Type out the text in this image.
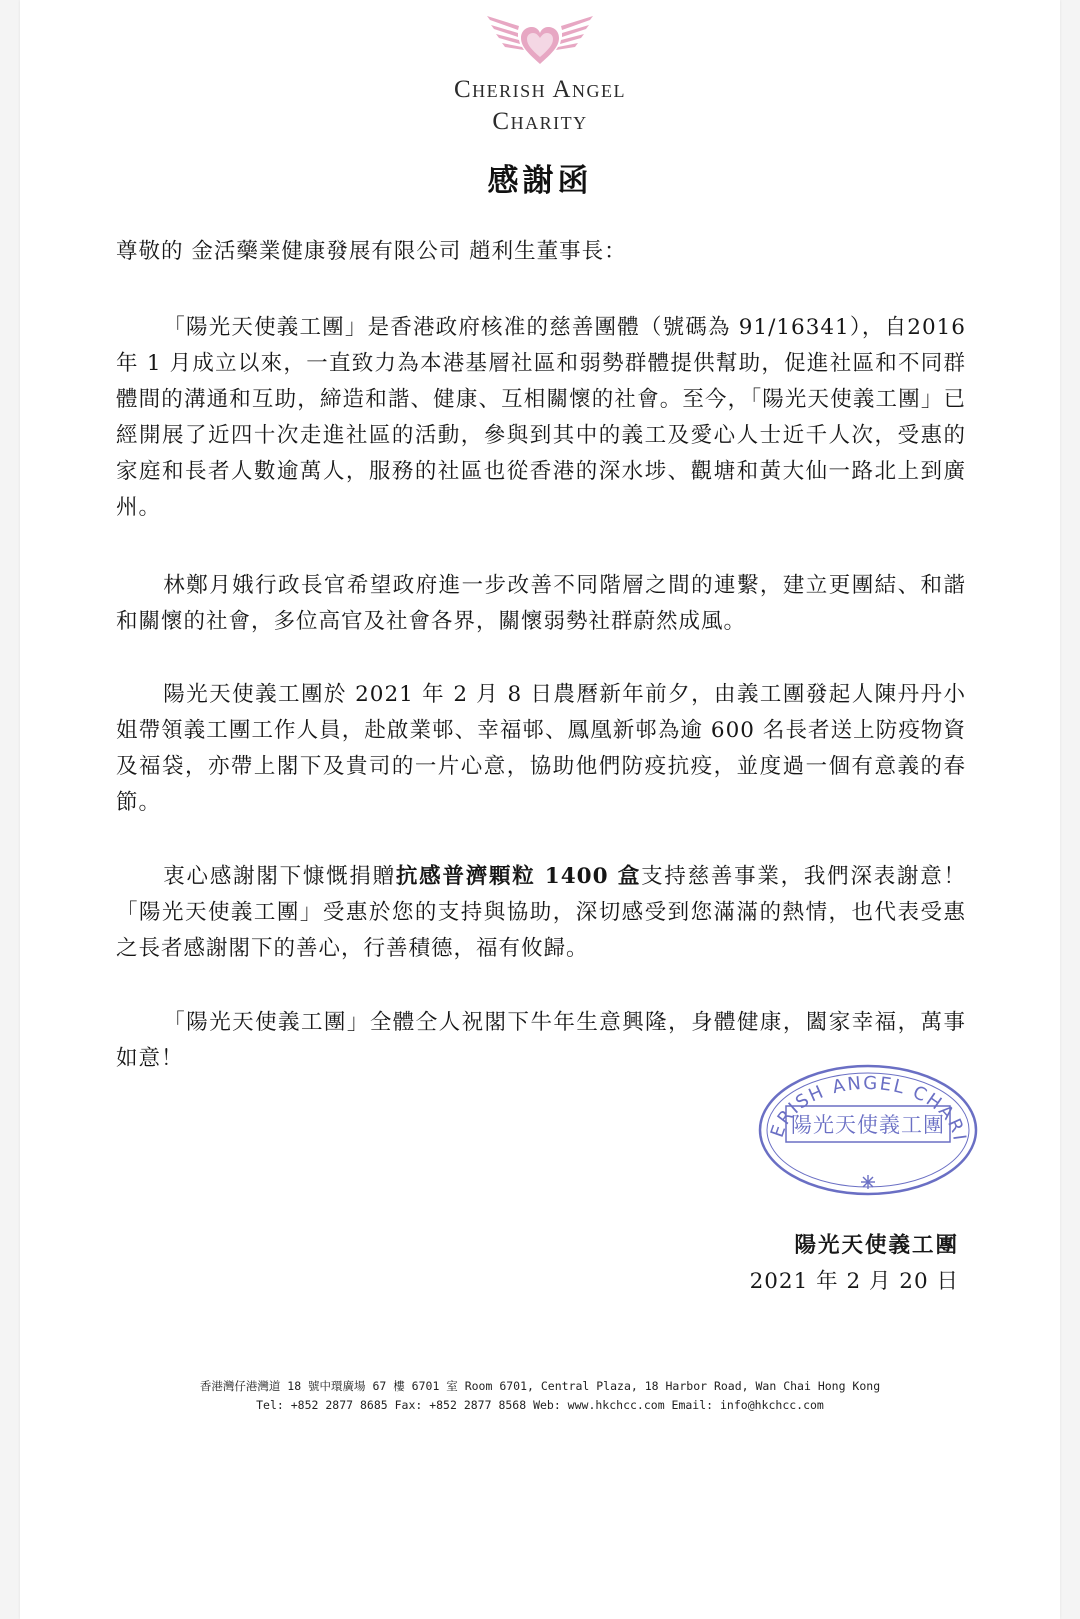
Cherish Angel
Charity
感謝函
尊敬的 金活藥業健康發展有限公司 趙利生董事長：

「陽光天使義工團」是香港政府核准的慈善團體（號碼為 91/16341），自2016 年 1 月成立以來，一直致力為本港基層社區和弱勢群體提供幫助，促進社區和不同群體間的溝通和互助，締造和諧、健康、互相關懷的社會。至今，「陽光天使義工團」已經開展了近四十次走進社區的活動，參與到其中的義工及愛心人士近千人次，受惠的家庭和長者人數逾萬人，服務的社區也從香港的深水埗、觀塘和黃大仙一路北上到廣州。

林鄭月娥行政長官希望政府進一步改善不同階層之間的連繫，建立更團結、和諧和關懷的社會，多位高官及社會各界，關懷弱勢社群蔚然成風。

陽光天使義工團於 2021 年 2 月 8 日農曆新年前夕，由義工團發起人陳丹丹小姐帶領義工團工作人員，赴啟業邨、幸福邨、鳳凰新邨為逾 600 名長者送上防疫物資及福袋，亦帶上閣下及貴司的一片心意，協助他們防疫抗疫，並度過一個有意義的春節。

衷心感謝閣下慷慨捐贈抗感普濟顆粒 1400 盒支持慈善事業，我們深表謝意！「陽光天使義工團」受惠於您的支持與協助，深切感受到您滿滿的熱情，也代表受惠之長者感謝閣下的善心，行善積德，福有攸歸。

「陽光天使義工團」全體仝人祝閣下牛年生意興隆，身體健康，闔家幸福，萬事如意！

ERISH ANGEL CHARI
陽光天使義工團
陽光天使義工團
2021 年 2 月 20 日
香港灣仔港灣道 18 號中環廣場 67 樓 6701 室 Room 6701, Central Plaza, 18 Harbor Road, Wan Chai Hong Kong
Tel: +852 2877 8685 Fax: +852 2877 8568 Web: www.hkchcc.com Email: info@hkchcc.com
